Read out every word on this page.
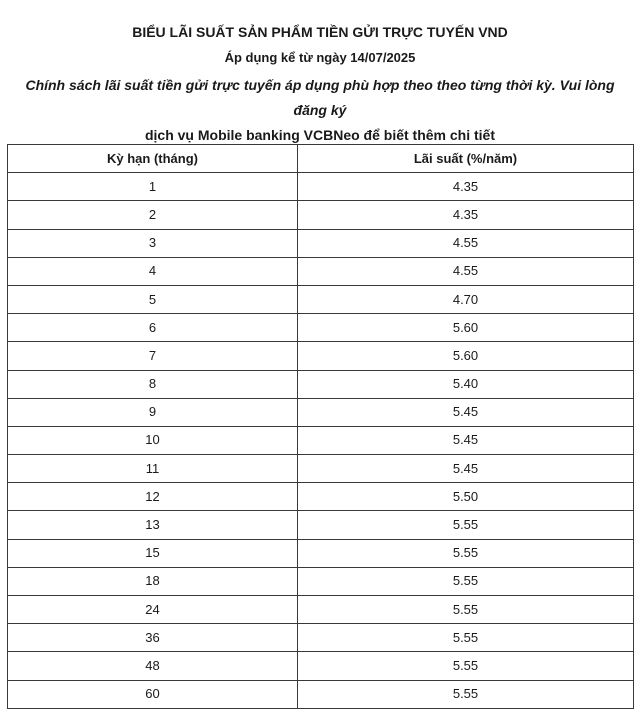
BIỂU LÃI SUẤT SẢN PHẨM TIỀN GỬI TRỰC TUYẾN VND
Áp dụng kể từ ngày 14/07/2025
Chính sách lãi suất tiền gửi trực tuyến áp dụng phù hợp theo theo từng thời kỳ. Vui lòng đăng ký
dịch vụ Mobile banking VCBNeo để biết thêm chi tiết
Kỳ hạn (tháng)	Lãi suất (%/năm)
1	4.35
2	4.35
3	4.55
4	4.55
5	4.70
6	5.60
7	5.60
8	5.40
9	5.45
10	5.45
11	5.45
12	5.50
13	5.55
15	5.55
18	5.55
24	5.55
36	5.55
48	5.55
60	5.55
